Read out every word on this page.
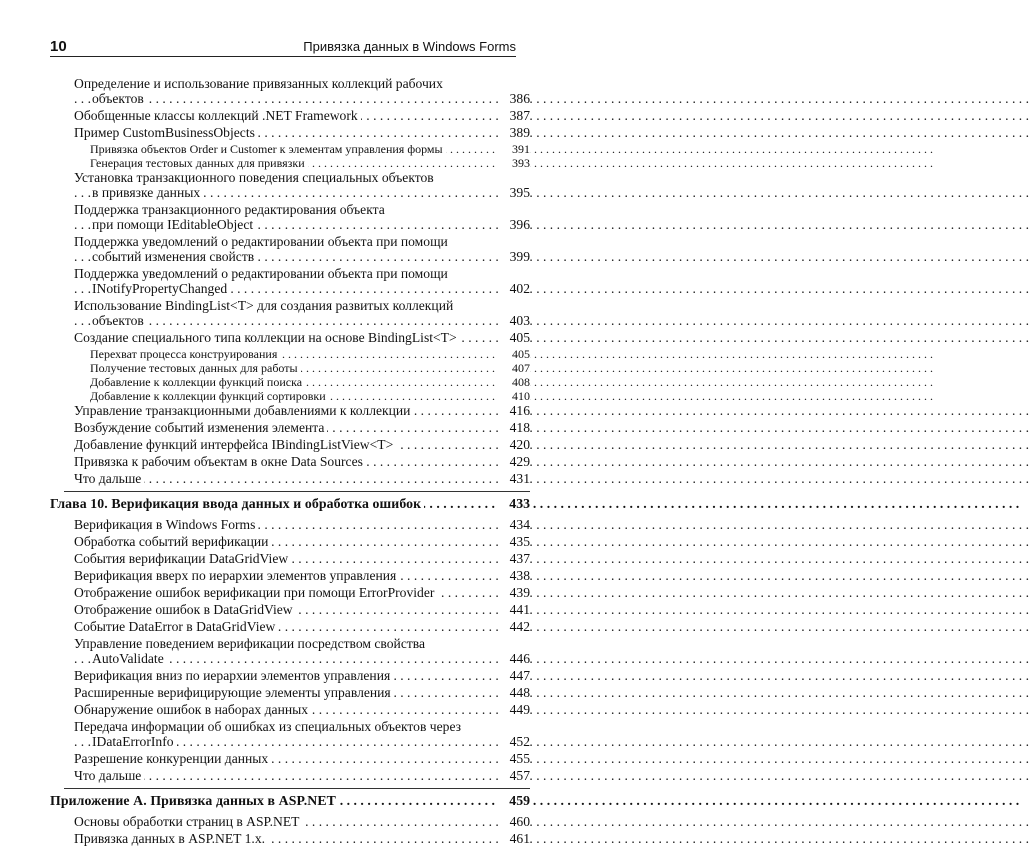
10	Привязка данных в Windows Forms
Определение и использование привязанных коллекций рабочих
объектов	386
. . .
Обобщенные классы коллекций .NET Framework	387
. . .
Пример CustomBusinessObjects	389
. . .
Привязка объектов Order и Customer к элементам управления формы	391
. . .
Генерация тестовых данных для привязки	393
. . .
Установка транзакционного поведения специальных объектов
в привязке данных	395
. . .
Поддержка транзакционного редактирования объекта
при помощи IEditableObject	396
. . .
Поддержка уведомлений о редактировании объекта при помощи
событий изменения свойств	399
. . .
Поддержка уведомлений о редактировании объекта при помощи
INotifyPropertyChanged	402
. . .
Использование BindingList<T> для создания развитых коллекций
объектов	403
. . .
Создание специального типа коллекции на основе BindingList<T>	405
. . .
Перехват процесса конструирования	405
. . .
Получение тестовых данных для работы	407
. . .
Добавление к коллекции функций поиска	408
. . .
Добавление к коллекции функций сортировки	410
. . .
Управление транзакционными добавлениями к коллекции	416
. . .
Возбуждение событий изменения элемента	418
. . .
Добавление функций интерфейса IBindingListView<T>	420
. . .
Привязка к рабочим объектам в окне Data Sources	429
. . .
Что дальше	431
. . .
Глава 10. Верификация ввода данных и обработка ошибок	433
. . .
Верификация в Windows Forms	434
. . .
Обработка событий верификации	435
. . .
События верификации DataGridView	437
. . .
Верификация вверх по иерархии элементов управления	438
. . .
Отображение ошибок верификации при помощи ErrorProvider	439
. . .
Отображение ошибок в DataGridView	441
. . .
Событие DataError в DataGridView	442
. . .
Управление поведением верификации посредством свойства
AutoValidate	446
. . .
Верификация вниз по иерархии элементов управления	447
. . .
Расширенные верифицирующие элементы управления	448
. . .
Обнаружение ошибок в наборах данных	449
. . .
Передача информации об ошибках из специальных объектов через
IDataErrorInfo	452
. . .
Разрешение конкуренции данных	455
. . .
Что дальше	457
. . .
Приложение А. Привязка данных в ASP.NET	459
. . .
Основы обработки страниц в ASP.NET	460
. . .
Привязка данных в ASP.NET 1.x.	461
. . .
